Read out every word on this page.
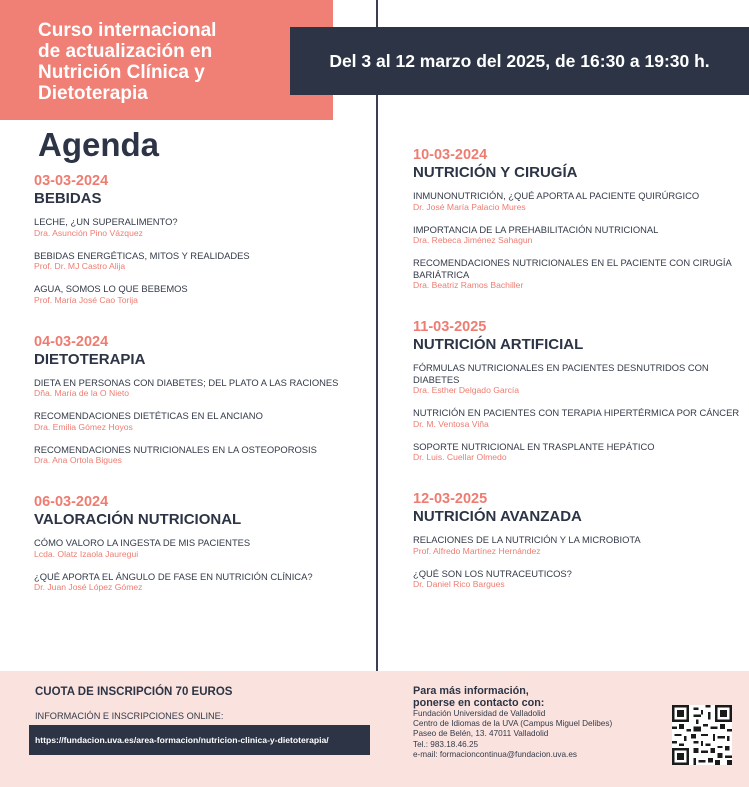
Curso internacional
de actualización en
Nutrición Clínica y
Dietoterapia
Del 3 al 12 marzo del 2025, de 16:30 a 19:30 h.
Agenda
03-03-2024
BEBIDAS
LECHE, ¿UN SUPERALIMENTO?
Dra. Asunción Pino Vázquez
BEBIDAS ENERGÉTICAS, MITOS Y REALIDADES
Prof. Dr. MJ Castro Alija
AGUA, SOMOS LO QUE BEBEMOS
Prof. María José Cao Torija
04-03-2024
DIETOTERAPIA
DIETA EN PERSONAS CON DIABETES; DEL PLATO A LAS RACIONES
Dña. María de la O Nieto
RECOMENDACIONES DIETÉTICAS EN EL ANCIANO
Dra. Emilia Gómez Hoyos
RECOMENDACIONES NUTRICIONALES EN LA OSTEOPOROSIS
Dra. Ana Ortola Bigues
06-03-2024
VALORACIÓN NUTRICIONAL
CÓMO VALORO LA INGESTA DE MIS PACIENTES
Lcda. Olatz Izaola Jauregui
¿QUÉ APORTA EL ÁNGULO DE FASE EN NUTRICIÓN CLÍNICA?
Dr. Juan José López Gómez
10-03-2024
NUTRICIÓN Y CIRUGÍA
INMUNONUTRICIÓN, ¿QUÉ APORTA AL PACIENTE QUIRÚRGICO
Dr. José María Palacio Mures
IMPORTANCIA DE LA PREHABILITACIÓN NUTRICIONAL
Dra. Rebeca Jiménez Sahagun
RECOMENDACIONES NUTRICIONALES EN EL PACIENTE CON CIRUGÍA BARIÁTRICA
Dra. Beatriz Ramos Bachiller
11-03-2025
NUTRICIÓN ARTIFICIAL
FÓRMULAS NUTRICIONALES EN PACIENTES DESNUTRIDOS CON DIABETES
Dra. Esther Delgado García
NUTRICIÓN EN PACIENTES CON TERAPIA HIPERTÉRMICA POR CÁNCER
Dr. M. Ventosa Viña
SOPORTE NUTRICIONAL EN TRASPLANTE HEPÁTICO
Dr. Luis. Cuellar Olmedo
12-03-2025
NUTRICIÓN AVANZADA
RELACIONES DE LA NUTRICIÓN Y LA MICROBIOTA
Prof. Alfredo Martínez Hernández
¿QUÉ SON LOS NUTRACEUTICOS?
Dr. Daniel Rico Bargues
CUOTA DE INSCRIPCIÓN 70 EUROS
INFORMACIÓN E INSCRIPCIONES ONLINE:
https://fundacion.uva.es/area-formacion/nutricion-clinica-y-dietoterapia/
Para más información,
ponerse en contacto con:
Fundación Universidad de Valladolid
Centro de Idiomas de la UVA (Campus Miguel Delibes)
Paseo de Belén, 13. 47011 Valladolid
Tel.: 983.18.46.25
e-mail: formacioncontinua@fundacion.uva.es
